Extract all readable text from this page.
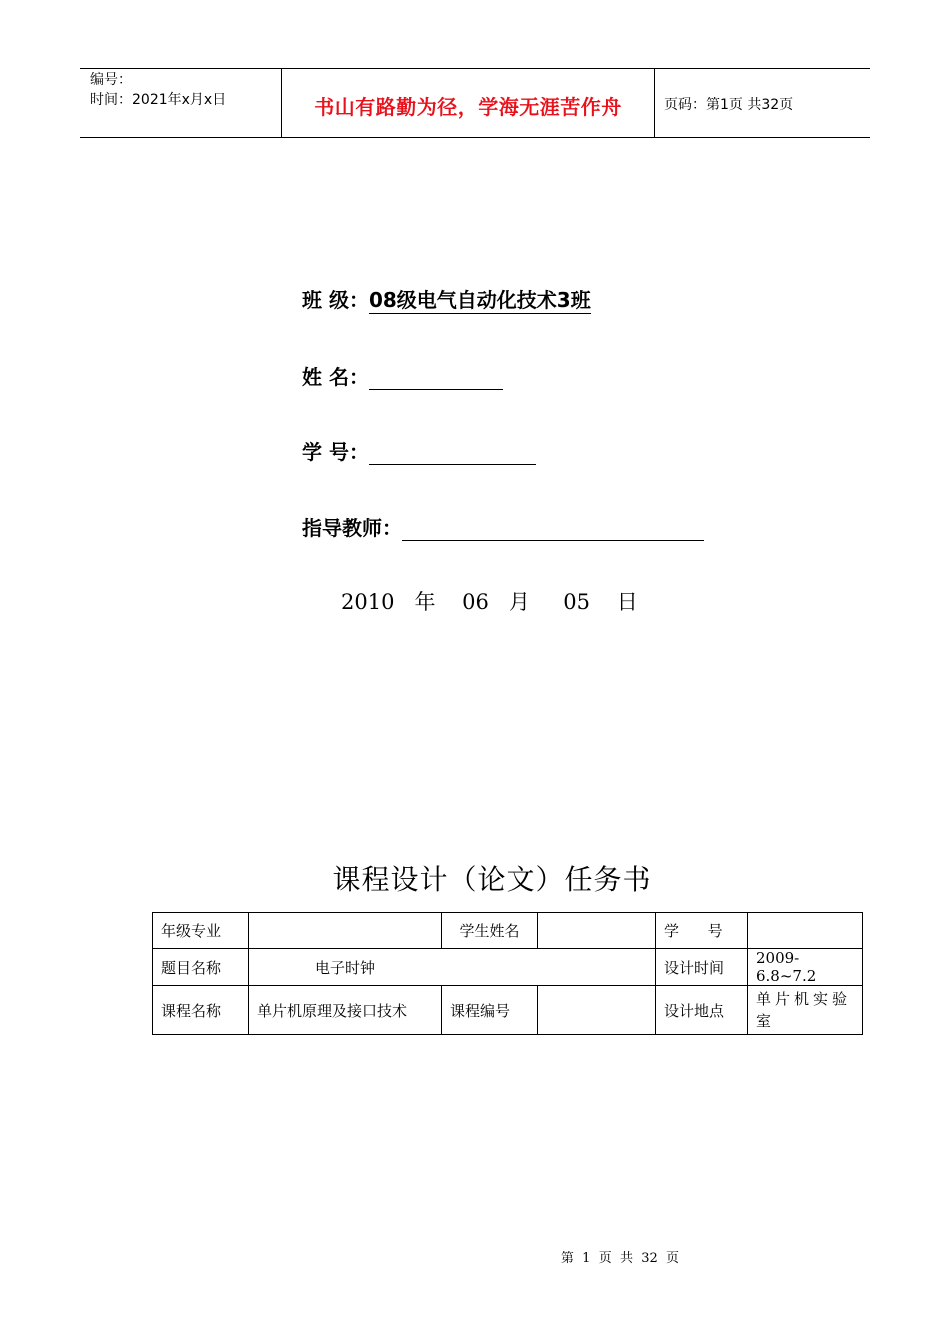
编号：
时间：2021年x月x日	书山有路勤为径，学海无涯苦作舟	页码：第1页 共32页
班 级：08级电气自动化技术3班
姓 名：
学 号：
指导教师：
2010   年    06   月     05    日
课程设计（论文）任务书
年级专业		学生姓名		学      号	
题目名称	电子时钟			设计时间	2009-6.8~7.2
课程名称	单片机原理及接口技术	课程编号		设计地点	单片机实验室
第  1  页  共  32  页
